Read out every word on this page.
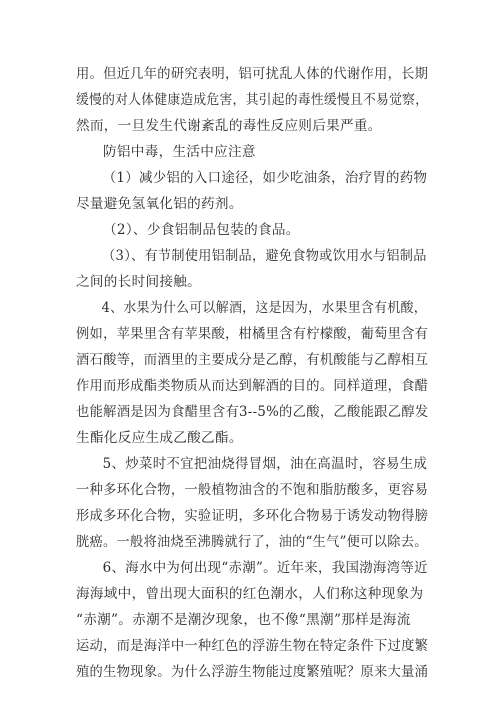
用。但近几年的研究表明，铝可扰乱人体的代谢作用，长期
缓慢的对人体健康造成危害，其引起的毒性缓慢且不易觉察，
然而，一旦发生代谢紊乱的毒性反应则后果严重。
防铝中毒，生活中应注意
（1）减少铝的入口途径，如少吃油条，治疗胃的药物
尽量避免氢氧化铝的药剂。
（2）、少食铝制品包装的食品。
（3）、有节制使用铝制品，避免食物或饮用水与铝制品
之间的长时间接触。
4、水果为什么可以解酒，这是因为，水果里含有机酸，
例如，苹果里含有苹果酸，柑橘里含有柠檬酸，葡萄里含有
酒石酸等，而酒里的主要成分是乙醇，有机酸能与乙醇相互
作用而形成酯类物质从而达到解酒的目的。同样道理，食醋
也能解酒是因为食醋里含有3--5%的乙酸，乙酸能跟乙醇发
生酯化反应生成乙酸乙酯。
5、炒菜时不宜把油烧得冒烟，油在高温时，容易生成
一种多环化合物，一般植物油含的不饱和脂肪酸多，更容易
形成多环化合物，实验证明，多环化合物易于诱发动物得膀
胱癌。一般将油烧至沸腾就行了，油的“生气”便可以除去。
6、海水中为何出现“赤潮”。近年来，我国渤海湾等近
海海域中，曾出现大面积的红色潮水，人们称这种现象为
“赤潮”。赤潮不是潮汐现象，也不像“黑潮”那样是海流
运动，而是海洋中一种红色的浮游生物在特定条件下过度繁
殖的生物现象。为什么浮游生物能过度繁殖呢？原来大量涌
